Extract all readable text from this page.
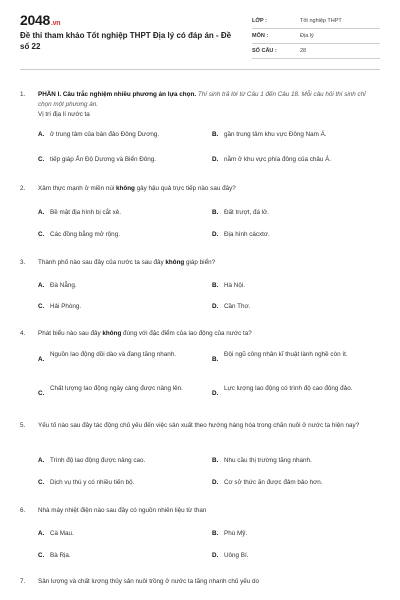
2048.vn
Đề thi tham khảo Tốt nghiệp THPT Địa lý có đáp án - Đề số 22
LỚP :	Tốt nghiệp THPT
MÔN :	Địa lý
SỐ CÂU :	28
1. PHẦN I. Câu trắc nghiệm nhiều phương án lựa chọn. Thí sinh trả lời từ Câu 1 đến Câu 18. Mỗi câu hỏi thí sinh chỉ chọn một phương án.
Vị trí địa lí nước ta
A. ở trung tâm của bán đảo Đông Dương.	B. gần trung tâm khu vực Đông Nam Á.
C. tiếp giáp Ấn Độ Dương và Biển Đông.	D. nằm ở khu vực phía đông của châu Á.
2. Xâm thực mạnh ở miền núi không gây hậu quả trực tiếp nào sau đây?
A. Bề mặt địa hình bị cắt xẻ.	B. Đất trượt, đá lở.
C. Các đồng bằng mở rộng.	D. Địa hình cácxtơ.
3. Thành phố nào sau đây của nước ta sau đây không giáp biển?
A. Đà Nẵng.	B. Hà Nội.
C. Hải Phòng.	D. Cần Thơ.
4. Phát biểu nào sau đây không đúng với đặc điểm của lao động của nước ta?
A.
Nguồn lao động dồi dào và đang tăng nhanh.
B.
Đội ngũ công nhân kĩ thuật lành nghề còn ít.
C.
Chất lượng lao động ngày càng được nâng lên.
D.
Lực lượng lao động có trình độ cao đông đảo.
5. Yếu tố nào sau đây tác động chủ yếu đến việc sản xuất theo hướng hàng hóa trong chăn nuôi ở nước ta hiện nay?
A. Trình độ lao động được nâng cao.	B. Nhu cầu thị trường tăng nhanh.
C. Dịch vụ thú y có nhiều tiến bộ.	D. Cơ sở thức ăn được đảm bảo hơn.
6. Nhà máy nhiệt điện nào sau đây có nguồn nhiên liệu từ than
A. Cà Mau.	B. Phú Mỹ.
C. Bà Rịa.	D. Uông Bí.
7. Sản lượng và chất lượng thủy sản nuôi trồng ở nước ta tăng nhanh chủ yếu do
